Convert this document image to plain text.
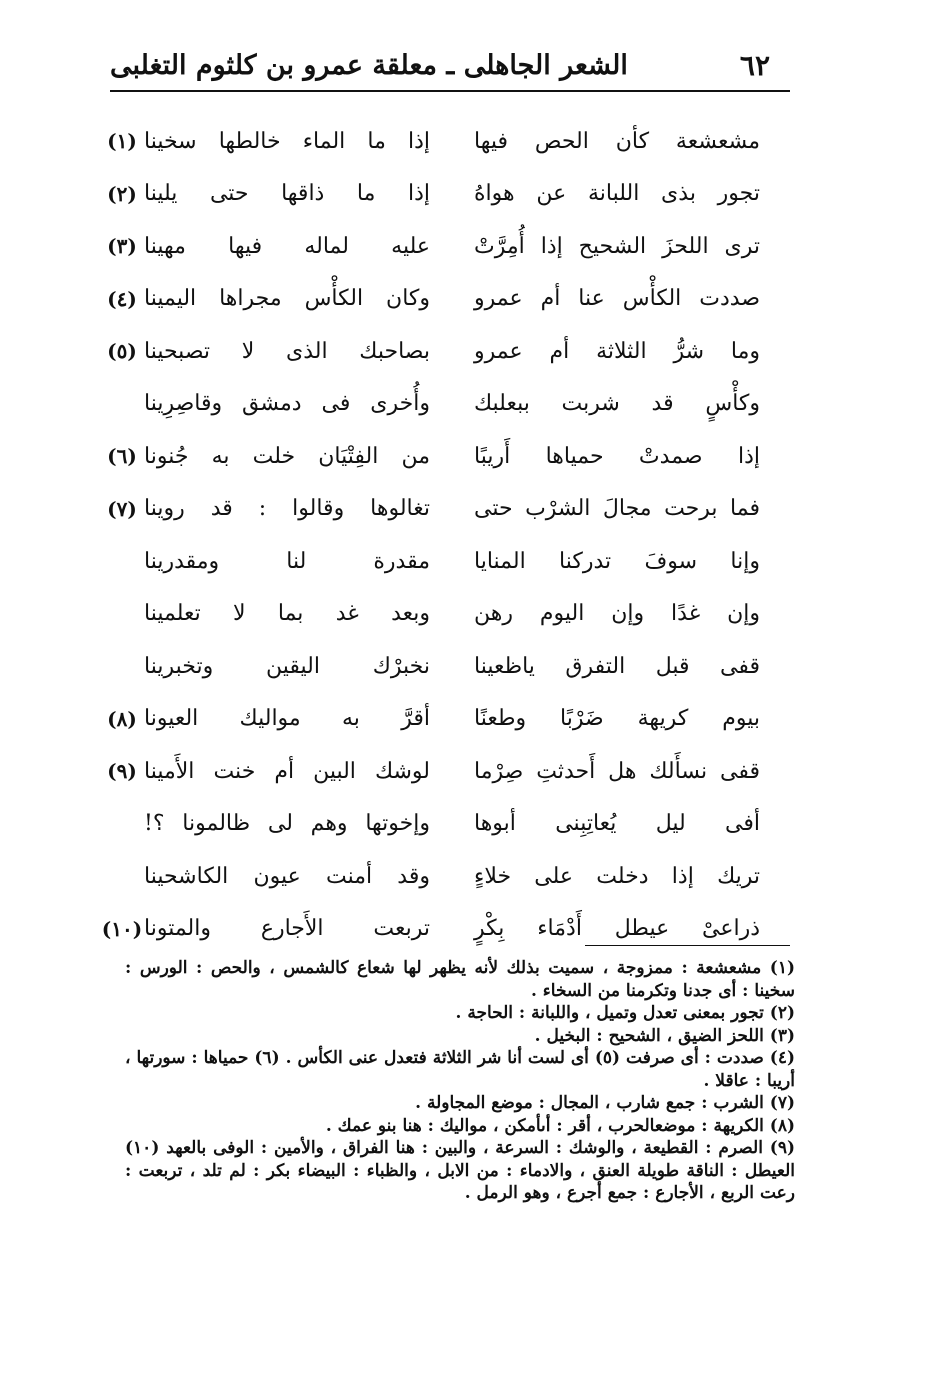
٦٢
الشعر الجاهلى ـ معلقة عمرو بن كلثوم التغلبى
مشعشعة كأن الحص فيها
إذا ما الماء خالطها سخينا
(١)
تجور بذى اللبانة عن هواهُ
إذا ما ذاقها حتى يلينا
(٢)
ترى اللحزَ الشحيح إذا أُمِرَّتْ
عليه لماله فيها مهينا
(٣)
صددت الكأْس عنا أم عمرو
وكان الكأْس مجراها اليمينا
(٤)
وما شرُّ الثلاثة أم عمرو
بصاحبك الذى لا تصبحينا
(٥)
وكأْسٍ قد شربت ببعلبك
وأُخرى فى دمشق وقاصِرِينا
إذا صمدتْ حمياها أَريبًا
من الفِتْيَان خلت به جُنونا
(٦)
فما برحت مجالَ الشرْب حتى
تغالوها وقالوا : قد روينا
(٧)
وإنا سوفَ تدركنا المنايا
مقدرة لنا ومقدرينا
وإن غدًا وإن اليوم رهن
وبعد غد بما لا تعلمينا
قفى قبل التفرق ياظعينا
نخبرْك اليقين وتخبرينا
بيوم كريهة ضَرْبًا وطعنًا
أقرَّ به مواليك العيونا
(٨)
قفى نسأَلك هل أَحدثتِ صِرْما
لوشك البين أم خنت الأَمينا
(٩)
أفى ليل يُعاتِبِنى أبوها
وإخوتها وهم لى ظالمونا ؟!
تريك إذا دخلت على خلاءٍ
وقد أمنت عيون الكاشحينا
ذراعىْ عيطل أَدْمَاء بِكْرٍ
تربعت الأَجارع والمتونا
(١٠)
(١) مشعشعة : ممزوجة ، سميت بذلك لأنه يظهر لها شعاع كالشمس ، والحص : الورس : سخينا : أى جدنا وتكرمنا من السخاء .
(٢) تجور بمعنى تعدل وتميل ، واللبانة : الحاجة .
(٣) اللحز الضيق ، الشحيح : البخيل .
(٤) صددت : أى صرفت (٥) أى لست أنا شر الثلاثة فتعدل عنى الكأس . (٦) حمياها : سورتها ، أريبا : عاقلا .
(٧) الشرب : جمع شارب ، المجال : موضع المجاولة .
(٨) الكريهة : موضعالحرب ، أقر : أىأمكن ، مواليك : هنا بنو عمك .
(٩) الصرم : القطيعة ، والوشك : السرعة ، والبين : هنا الفراق ، والأمين : الوفى بالعهد (١٠) العيطل : الناقة طويلة العنق ، والادماء : من الابل ، والظباء : البيضاء بكر : لم تلد ، تربعت : رعت الربع ، الأجارع : جمع أجرع ، وهو الرمل .
